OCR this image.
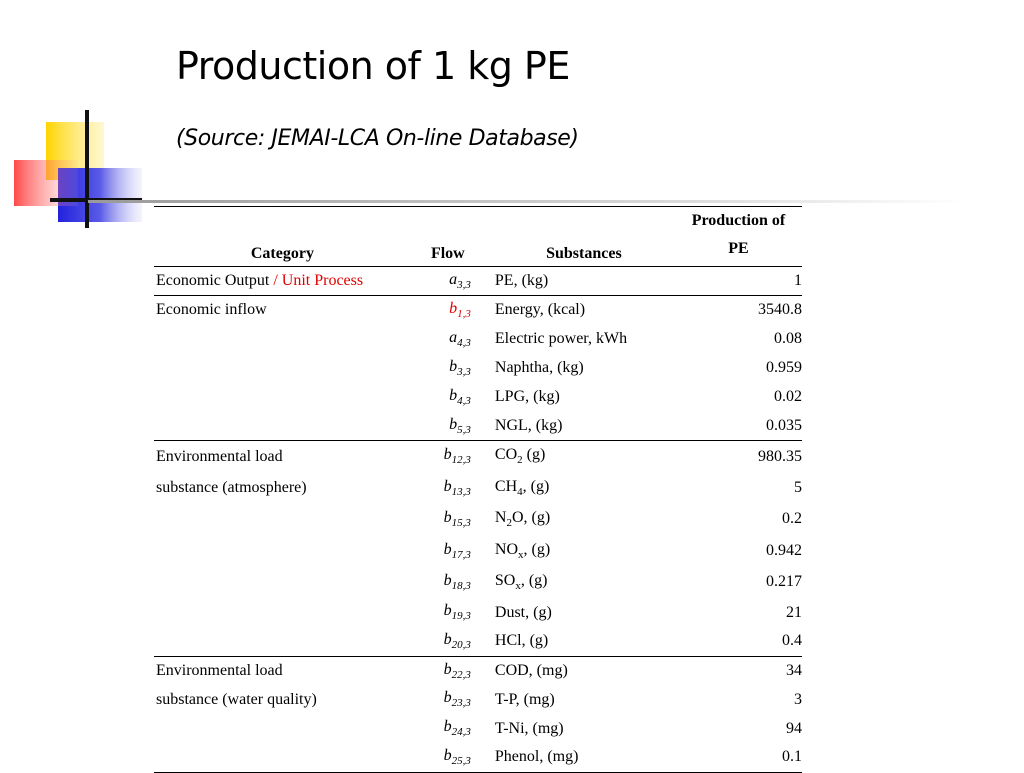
Production of 1 kg PE

(Source: JEMAI-LCA On-line Database)

Category	Flow	Substances	Production of
PE
Economic Output / Unit Process	$a_{3,3}$	PE, (kg)	1
Economic inflow	$b_{1,3}$	Energy, (kcal)	3540.8
	$a_{4,3}$	Electric power, kWh	0.08
	$b_{3,3}$	Naphtha, (kg)	0.959
	$b_{4,3}$	LPG, (kg)	0.02
	$b_{5,3}$	NGL, (kg)	0.035
Environmental load	$b_{12,3}$	$CO_2$ (g)	980.35
substance (atmosphere)	$b_{13,3}$	$CH_4$, (g)	5
	$b_{15,3}$	$N_2O$, (g)	0.2
	$b_{17,3}$	$NO_x$, (g)	0.942
	$b_{18,3}$	$SO_x$, (g)	0.217
	$b_{19,3}$	Dust, (g)	21
	$b_{20,3}$	HCl, (g)	0.4
Environmental load	$b_{22,3}$	COD, (mg)	34
substance (water quality)	$b_{23,3}$	T-P, (mg)	3
	$b_{24,3}$	T-Ni, (mg)	94
	$b_{25,3}$	Phenol, (mg)	0.1
